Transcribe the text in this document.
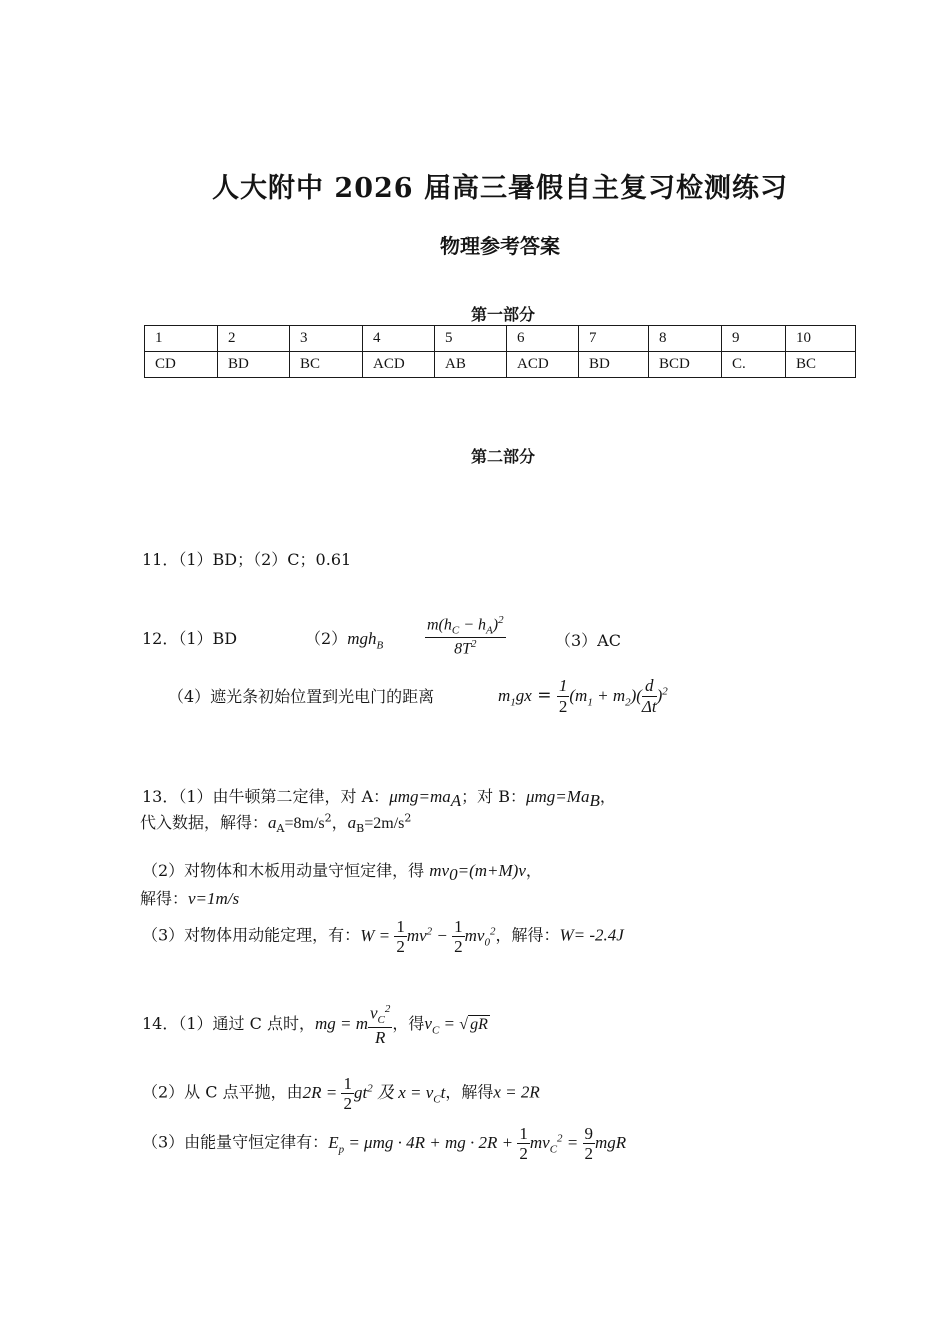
人大附中 2026 届高三暑假自主复习检测练习
物理参考答案
第一部分
1	2	3	4	5	6	7	8	9	10
CD	BD	BC	ACD	AB	ACD	BD	BCD	C.	BC
第二部分
11．（1）BD；（2）C；0.61
12．（1）BD	（2）mgh$_B$	$\frac{m(h_C - h_A)^2}{8T^2}$	（3）AC
（4）遮光条初始位置到光电门的距离	$m_1gx = \frac{1}{2} (m_1 + m_2)( \frac{d}{\Delta t} )^2$
13．（1）由牛顿第二定律，对 A：$\mu mg=ma_A$；对 B：$\mu mg=Ma_B$，
代入数据，解得：$a_A=8m/s^2$，$a_B=2m/s^2$
（2）对物体和木板用动量守恒定律，得 $mv_0=(m+M)v$，
解得：v=1m/s
（3）对物体用动能定理，有：$W = \frac{1}{2} mv^2 - \frac{1}{2} mv_0^2$，解得：W= -2.4J
14．（1）通过 C 点时，mg = m $\frac{v_C^2}{R}$ ，得$v_C$ = √ gR
（2）从 C 点平抛，由$2R = \frac{1}{2} gt^2$ 及 $x = v_Ct$，解得x = 2R
（3）由能量守恒定律有：$E_p = \mu mg \cdot 4R$ + mg · $2R + \frac{1}{2} mv_C^2 = \frac{9}{2}$ mgR
